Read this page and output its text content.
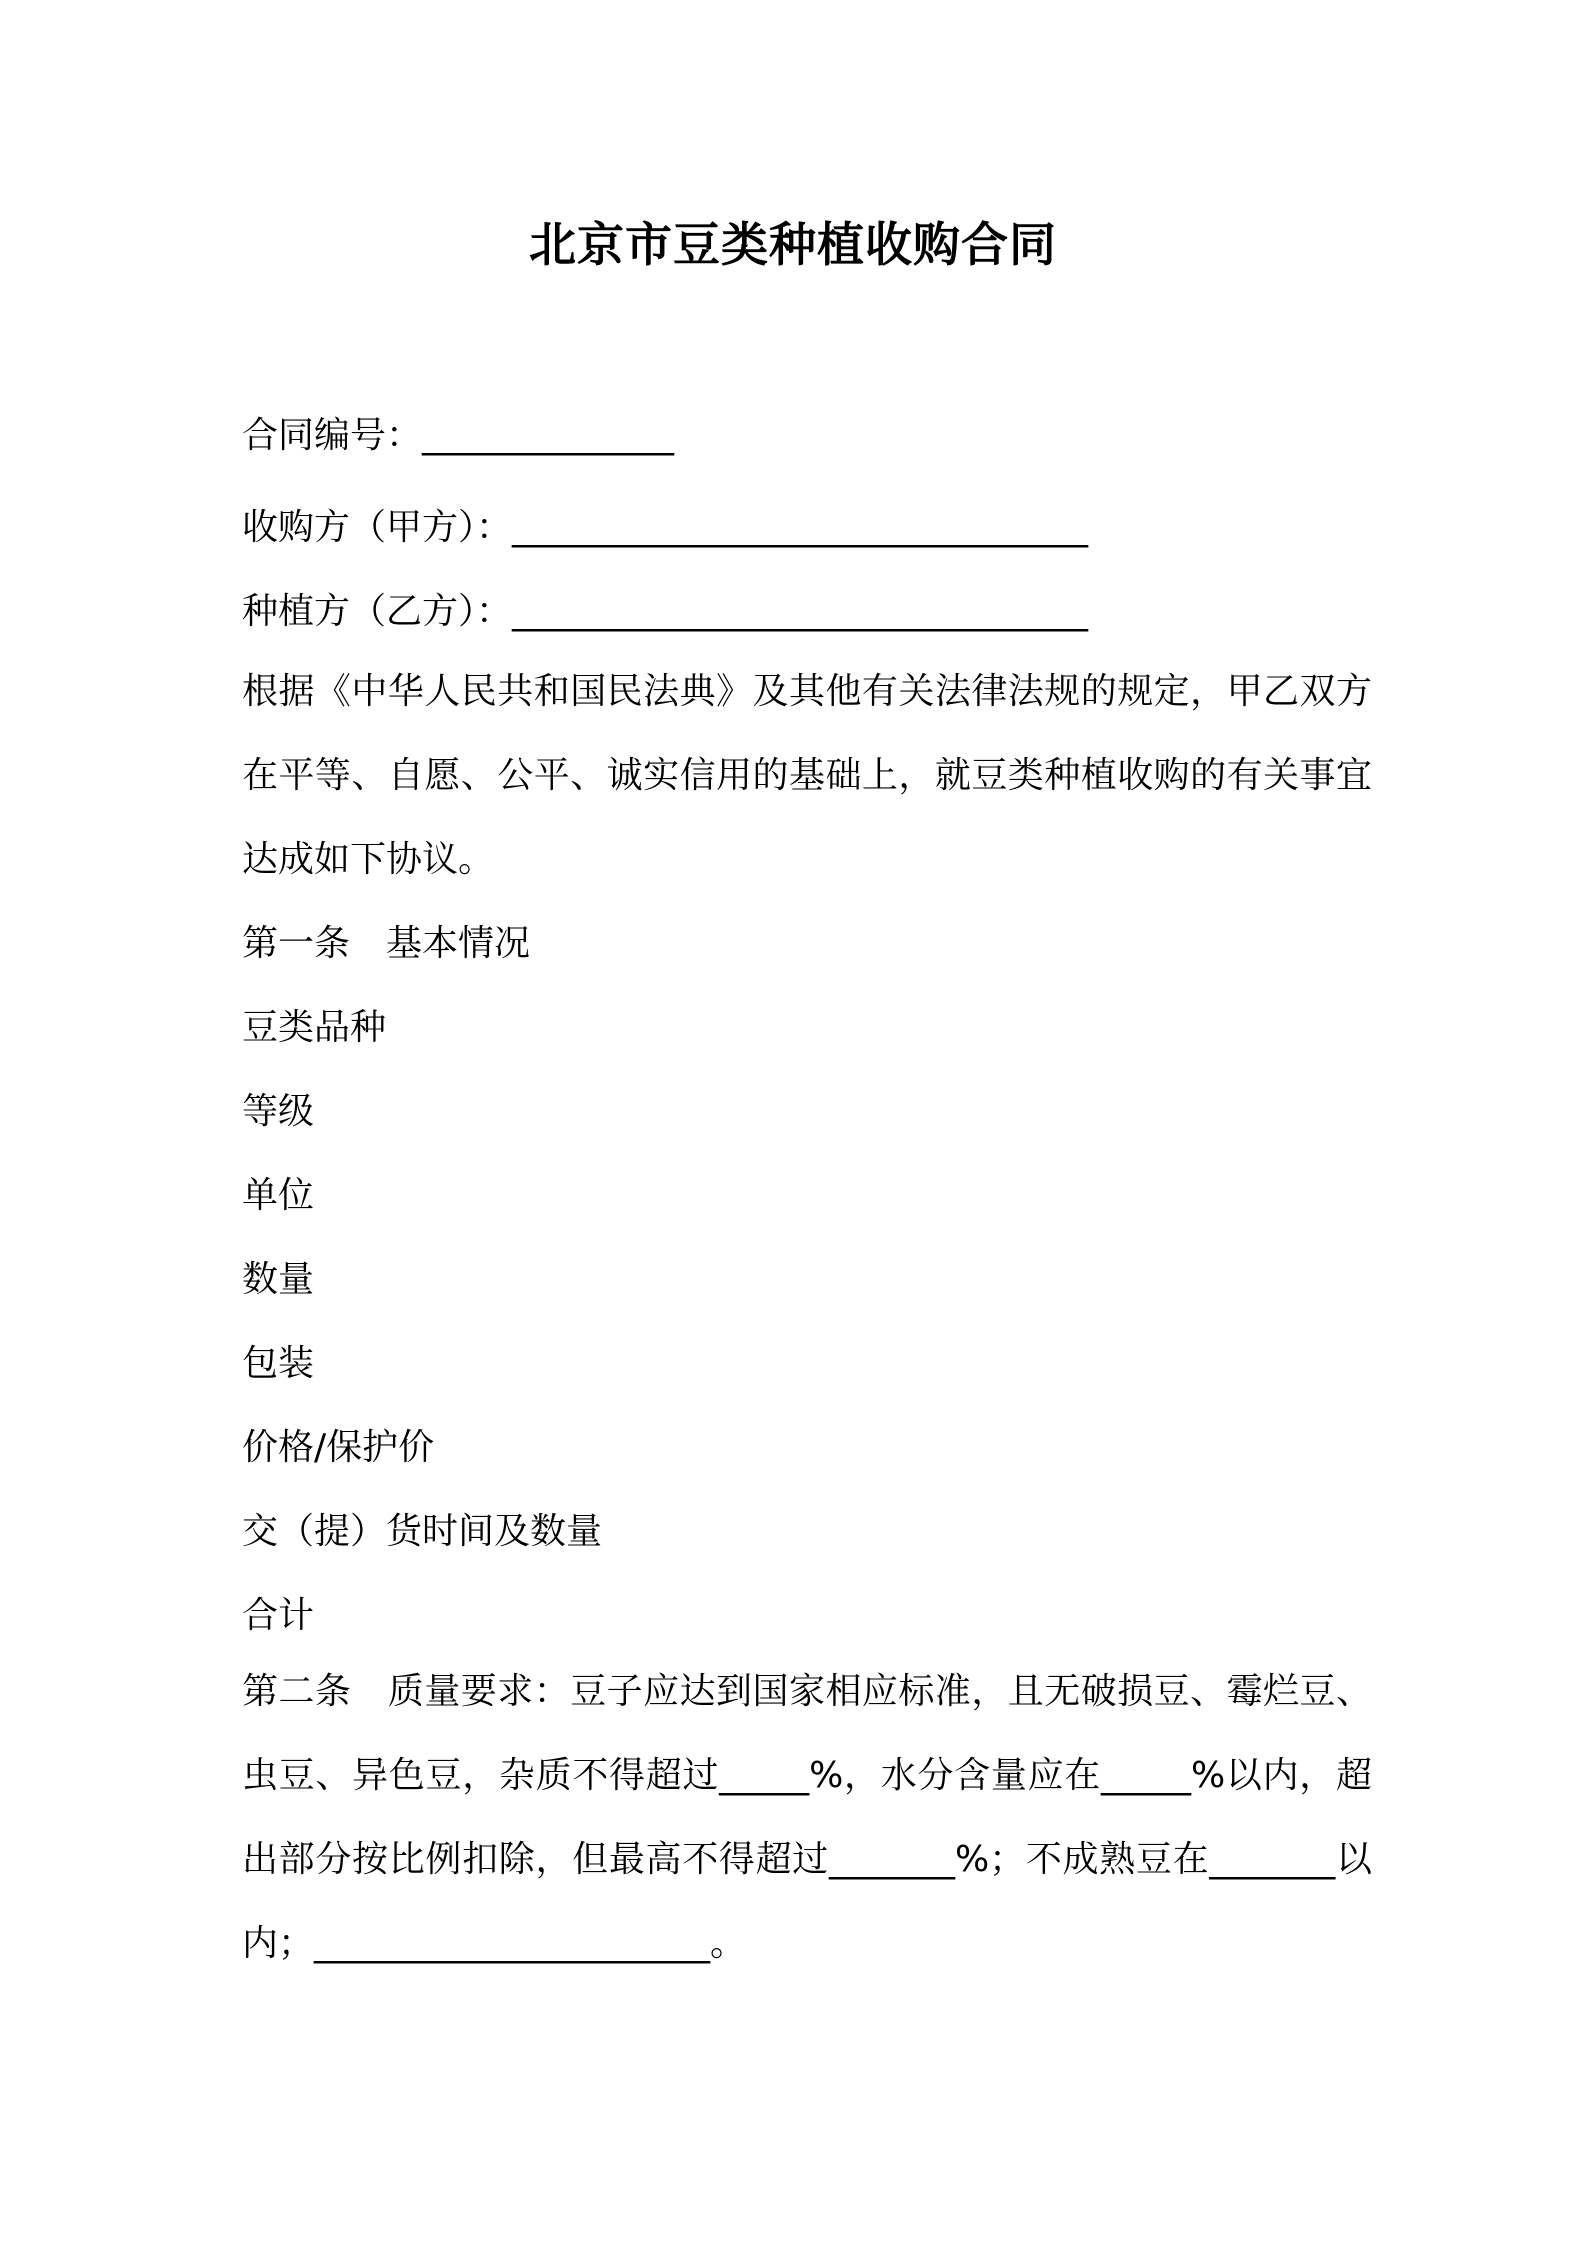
北京市豆类种植收购合同
合同编号：______________
收购方（甲方）：________________________________
种植方（乙方）：________________________________
根据《中华人民共和国民法典》及其他有关法律法规的规定，甲乙双方在平等、自愿、公平、诚实信用的基础上，就豆类种植收购的有关事宜达成如下协议。
第一条　基本情况
豆类品种
等级
单位
数量
包装
价格/保护价
交（提）货时间及数量
合计
第二条　质量要求：豆子应达到国家相应标准，且无破损豆、霉烂豆、虫豆、异色豆，杂质不得超过_____%，水分含量应在_____%以内，超出部分按比例扣除，但最高不得超过_______%；不成熟豆在_______以内；______________________。
